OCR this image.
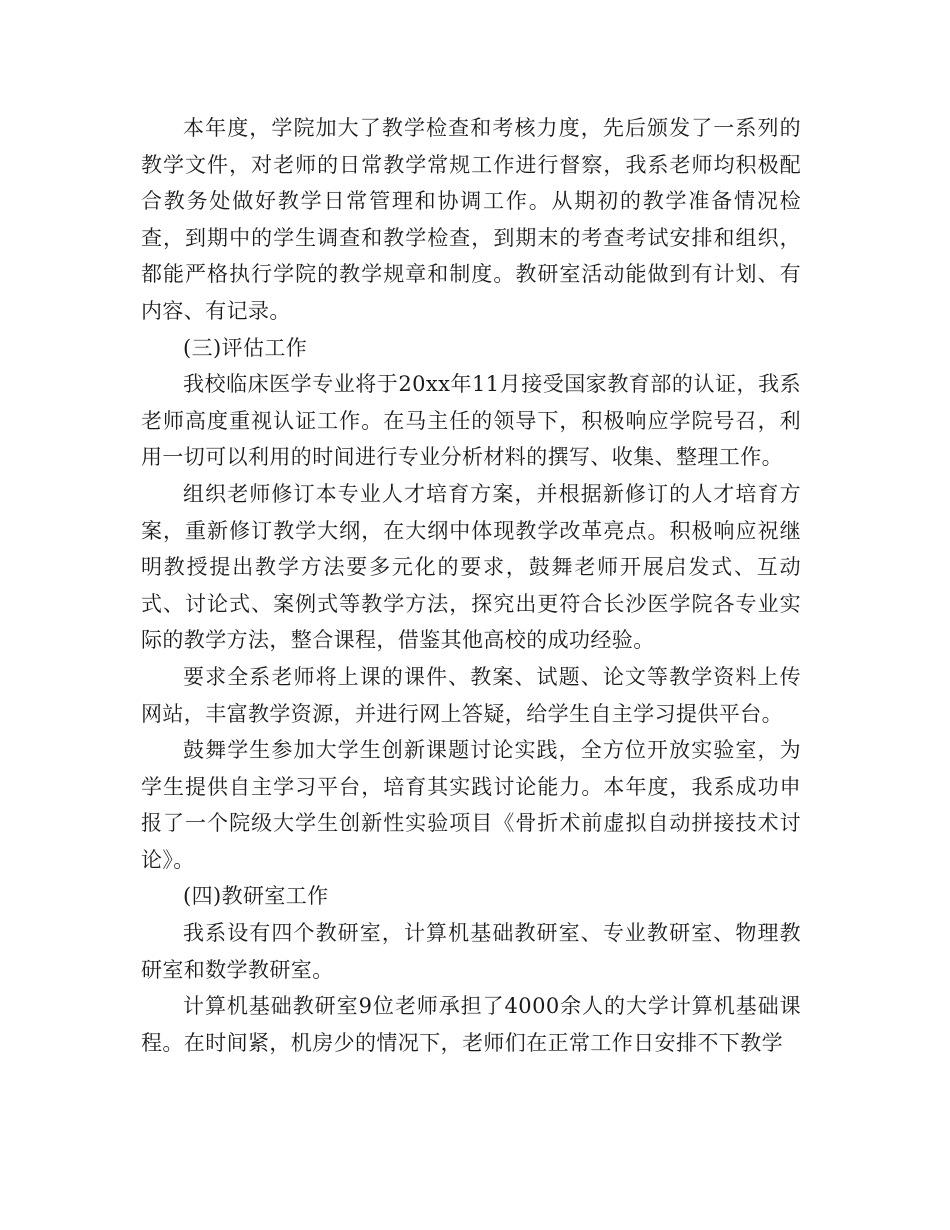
本年度，学院加大了教学检查和考核力度，先后颁发了一系列的教学文件，对老师的日常教学常规工作进行督察，我系老师均积极配合教务处做好教学日常管理和协调工作。从期初的教学准备情况检查，到期中的学生调查和教学检查，到期末的考查考试安排和组织，都能严格执行学院的教学规章和制度。教研室活动能做到有计划、有内容、有记录。

(三)评估工作

我校临床医学专业将于20xx年11月接受国家教育部的认证，我系老师高度重视认证工作。在马主任的领导下，积极响应学院号召，利用一切可以利用的时间进行专业分析材料的撰写、收集、整理工作。

组织老师修订本专业人才培育方案，并根据新修订的人才培育方案，重新修订教学大纲，在大纲中体现教学改革亮点。积极响应祝继明教授提出教学方法要多元化的要求，鼓舞老师开展启发式、互动式、讨论式、案例式等教学方法，探究出更符合长沙医学院各专业实际的教学方法，整合课程，借鉴其他高校的成功经验。

要求全系老师将上课的课件、教案、试题、论文等教学资料上传网站，丰富教学资源，并进行网上答疑，给学生自主学习提供平台。

鼓舞学生参加大学生创新课题讨论实践，全方位开放实验室，为学生提供自主学习平台，培育其实践讨论能力。本年度，我系成功申报了一个院级大学生创新性实验项目《骨折术前虚拟自动拼接技术讨论》。

(四)教研室工作

我系设有四个教研室，计算机基础教研室、专业教研室、物理教研室和数学教研室。

计算机基础教研室9位老师承担了4000余人的大学计算机基础课程。在时间紧，机房少的情况下，老师们在正常工作日安排不下教学
